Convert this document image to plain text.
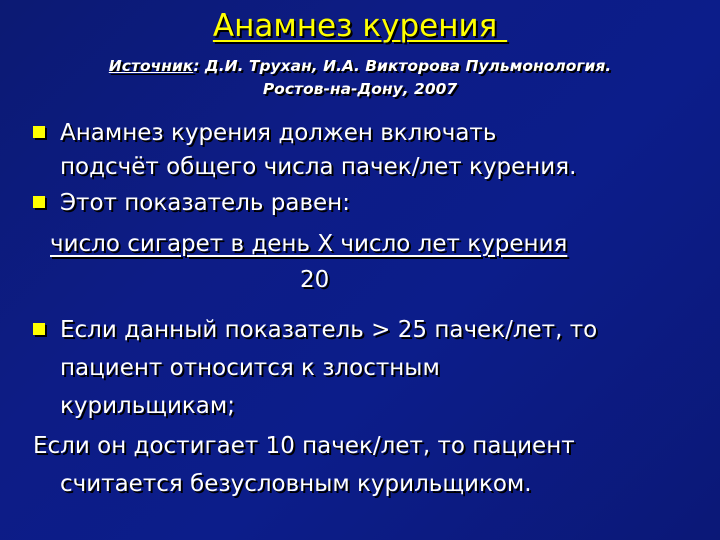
Анамнез курения
Источник: Д.И. Трухан, И.А. Викторова Пульмонология.
Ростов-на-Дону, 2007
Анамнез курения должен включать
подсчёт общего числа пачек/лет курения.
Этот показатель равен:
число сигарет в день Х число лет курения
20
Если данный показатель > 25 пачек/лет, то
пациент относится к злостным
курильщикам;
Если он достигает 10 пачек/лет, то пациент
считается безусловным курильщиком.
